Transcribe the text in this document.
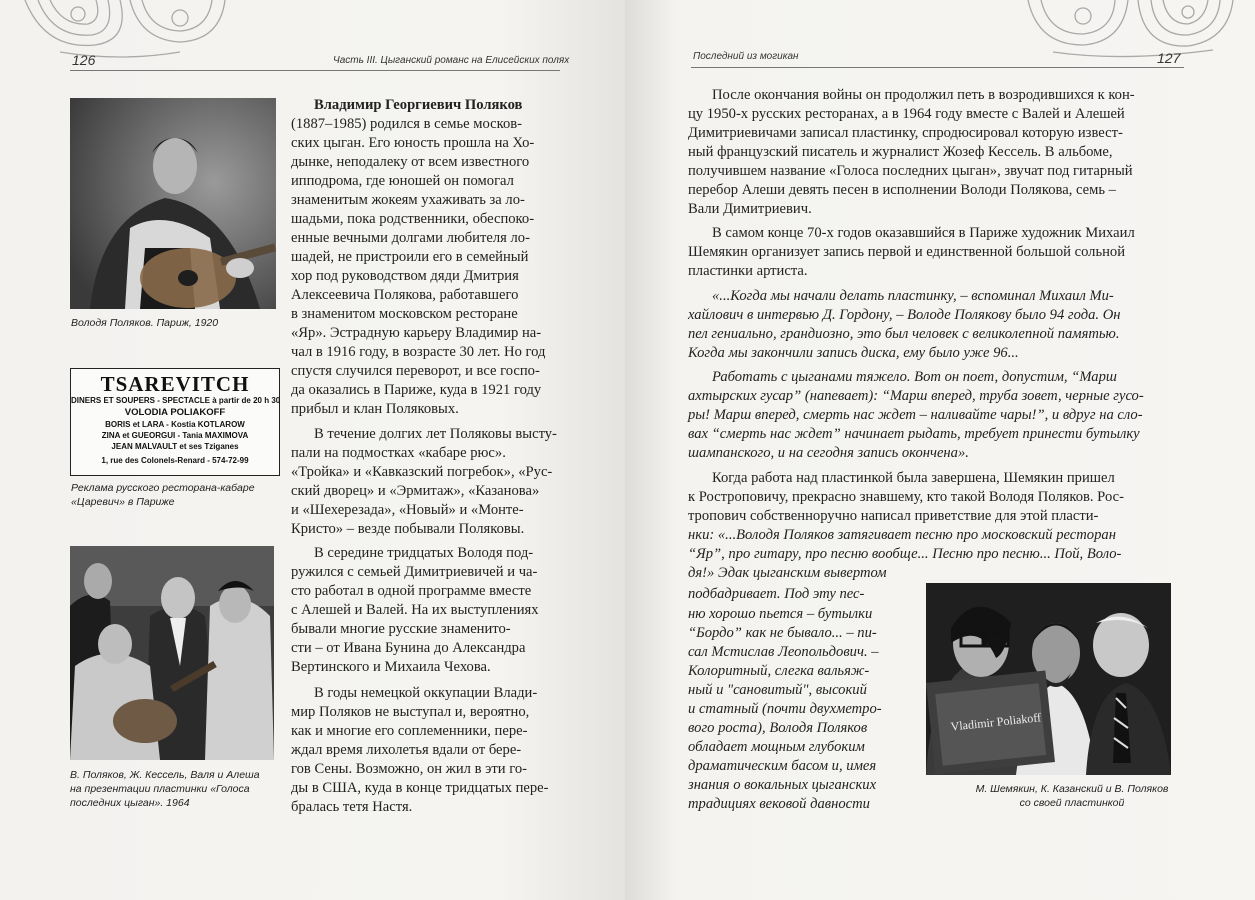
126	Часть III. Цыганский романс на Елисейских полях
Володя Поляков. Париж, 1920
TSAREVITCH
DINERS ET SOUPERS - SPECTACLE à partir de 20 h 30
VOLODIA POLIAKOFF
BORIS et LARA - Kostia KOTLAROW
ZINA et GUEORGUI - Tania MAXIMOVA
JEAN MALVAULT et ses Tziganes
1, rue des Colonels-Renard - 574-72-99
Реклама русского ресторана-кабаре
«Царевич» в Париже
В. Поляков, Ж. Кессель, Валя и Алеша
на презентации пластинки «Голоса
последних цыган». 1964
Владимир Георгиевич Поляков
(1887–1985) родился в семье москов-
ских цыган. Его юность прошла на Хо-
дынке, неподалеку от всем известного
ипподрома, где юношей он помогал
знаменитым жокеям ухаживать за ло-
шадьми, пока родственники, обеспоко-
енные вечными долгами любителя ло-
шадей, не пристроили его в семейный
хор под руководством дяди Дмитрия
Алексеевича Полякова, работавшего
в знаменитом московском ресторане
«Яр». Эстрадную карьеру Владимир на-
чал в 1916 году, в возрасте 30 лет. Но год
спустя случился переворот, и все госпо-
да оказались в Париже, куда в 1921 году
прибыл и клан Поляковых.
В течение долгих лет Поляковы высту-
пали на подмостках «кабаре рюс».
«Тройка» и «Кавказский погребок», «Рус-
ский дворец» и «Эрмитаж», «Казанова»
и «Шехерезада», «Новый» и «Монте-
Кристо» – везде побывали Поляковы.
В середине тридцатых Володя под-
ружился с семьей Димитриевичей и ча-
сто работал в одной программе вместе
с Алешей и Валей. На их выступлениях
бывали многие русские знаменито-
сти – от Ивана Бунина до Александра
Вертинского и Михаила Чехова.
В годы немецкой оккупации Влади-
мир Поляков не выступал и, вероятно,
как и многие его соплеменники, пере-
ждал время лихолетья вдали от бере-
гов Сены. Возможно, он жил в эти го-
ды в США, куда в конце тридцатых пере-
бралась тетя Настя.
Последний из могикан	127
После окончания войны он продолжил петь в возродившихся к кон-
цу 1950-х русских ресторанах, а в 1964 году вместе с Валей и Алешей
Димитриевичами записал пластинку, спродюсировал которую извест-
ный французский писатель и журналист Жозеф Кессель. В альбоме,
получившем название «Голоса последних цыган», звучат под гитарный
перебор Алеши девять песен в исполнении Володи Полякова, семь –
Вали Димитриевич.
В самом конце 70-х годов оказавшийся в Париже художник Михаил
Шемякин организует запись первой и единственной большой сольной
пластинки артиста.
«...Когда мы начали делать пластинку, – вспоминал Михаил Ми-
хайлович в интервью Д. Гордону, – Володе Полякову было 94 года. Он
пел гениально, грандиозно, это был человек с великолепной памятью.
Когда мы закончили запись диска, ему было уже 96...
Работать с цыганами тяжело. Вот он поет, допустим, “Марш
ахтырских гусар” (напевает): “Марш вперед, труба зовет, черные гусо-
ры! Марш вперед, смерть нас ждет – наливайте чары!”, и вдруг на сло-
вах “смерть нас ждет” начинает рыдать, требует принести бутылку
шампанского, и на сегодня запись окончена».
Когда работа над пластинкой была завершена, Шемякин пришел
к Ростроповичу, прекрасно знавшему, кто такой Володя Поляков. Рос-
тропович собственноручно написал приветствие для этой пласти-
нки: «...Володя Поляков затягивает песню про московский ресторан
“Яр”, про гитару, про песню вообще... Песню про песню... Пой, Воло-
дя!» Эдак цыганским вывертом
подбадривает. Под эту пес-
ню хорошо пьется – бутылки
“Бордо” как не бывало... – пи-
сал Мстислав Леопольдович. –
Колоритный, слегка вальяж-
ный и "сановитый", высокий
и статный (почти двухметро-
вого роста), Володя Поляков
обладает мощным глубоким
драматическим басом и, имея
знания о вокальных цыганских
традициях вековой давности
Vladimir Poliakoff
М. Шемякин, К. Казанский и В. Поляков
со своей пластинкой
